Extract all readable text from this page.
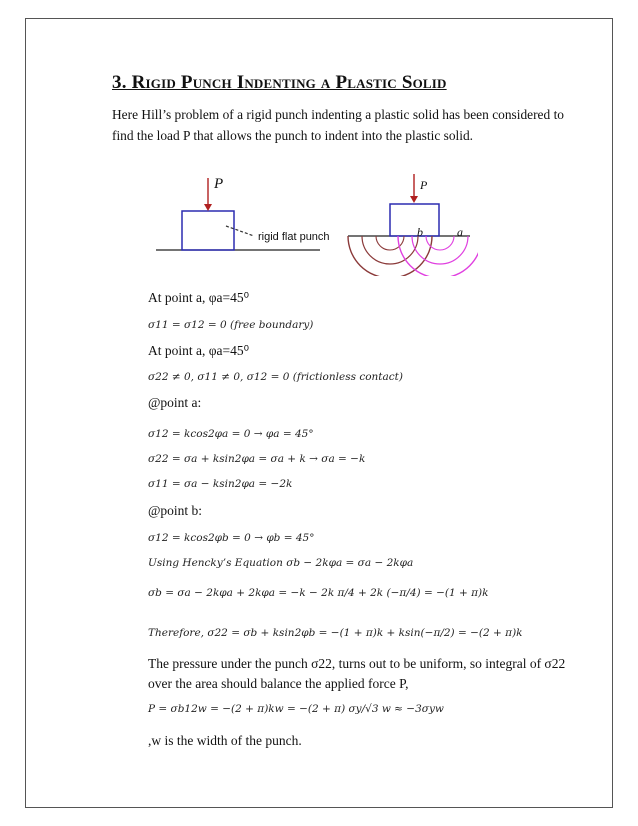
3. Rigid Punch Indenting a Plastic Solid
Here Hill’s problem of a rigid punch indenting a plastic solid has been considered to find the load P that allows the punch to indent into the plastic solid.
P
rigid flat punch
P
b	a
At point a, φa=45⁰
σ11 = σ12 = 0 (free boundary)
At point a, φa=45⁰
σ22 ≠ 0, σ11 ≠ 0, σ12 = 0 (frictionless contact)
@point a:
σ12 = kcos2φa = 0 → φa = 45°
σ22 = σa + ksin2φa = σa + k → σa = −k
σ11 = σa − ksin2φa = −2k
@point b:
σ12 = kcos2φb = 0 → φb = 45°
Using Hencky’s Equation σb − 2kφa = σa − 2kφa
σb = σa − 2kφa + 2kφa = −k − 2k π/4 + 2k (−π/4) = −(1 + π)k
Therefore, σ22 = σb + ksin2φb = −(1 + π)k + ksin(−π/2) = −(2 + π)k
The pressure under the punch σ22, turns out to be uniform, so integral of σ22 over the area should balance the applied force P,
P = σb12w = −(2 + π)kw = −(2 + π) σy/√3 w ≈ −3σyw
,w is the width of the punch.
